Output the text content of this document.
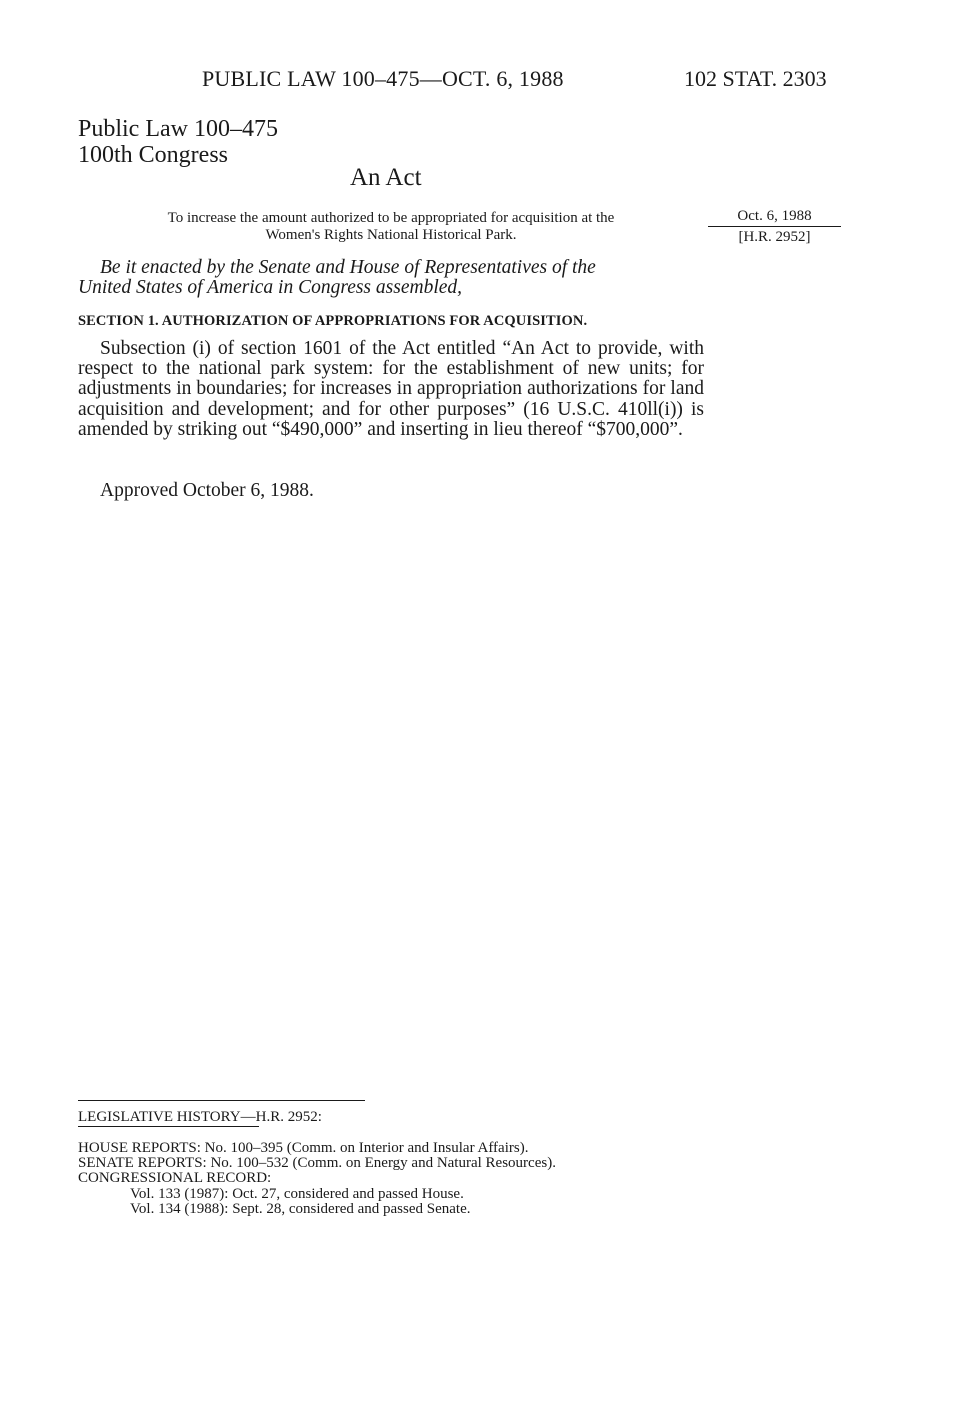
PUBLIC LAW 100–475—OCT. 6, 1988	102 STAT. 2303
Public Law 100–475
100th Congress
An Act
To increase the amount authorized to be appropriated for acquisition at the
Women's Rights National Historical Park.
Oct. 6, 1988
[H.R. 2952]
Be it enacted by the Senate and House of Representatives of the
United States of America in Congress assembled,
SECTION 1. AUTHORIZATION OF APPROPRIATIONS FOR ACQUISITION.

Subsection (i) of section 1601 of the Act entitled “An Act to provide, with respect to the national park system: for the establishment of new units; for adjustments in boundaries; for increases in appropriation authorizations for land acquisition and development; and for other purposes” (16 U.S.C. 410ll(i)) is amended by striking out “$490,000” and inserting in lieu thereof “$700,000”.

Approved October 6, 1988.
LEGISLATIVE HISTORY—H.R. 2952:
HOUSE REPORTS: No. 100–395 (Comm. on Interior and Insular Affairs).
SENATE REPORTS: No. 100–532 (Comm. on Energy and Natural Resources).
CONGRESSIONAL RECORD:
Vol. 133 (1987): Oct. 27, considered and passed House.
Vol. 134 (1988): Sept. 28, considered and passed Senate.
